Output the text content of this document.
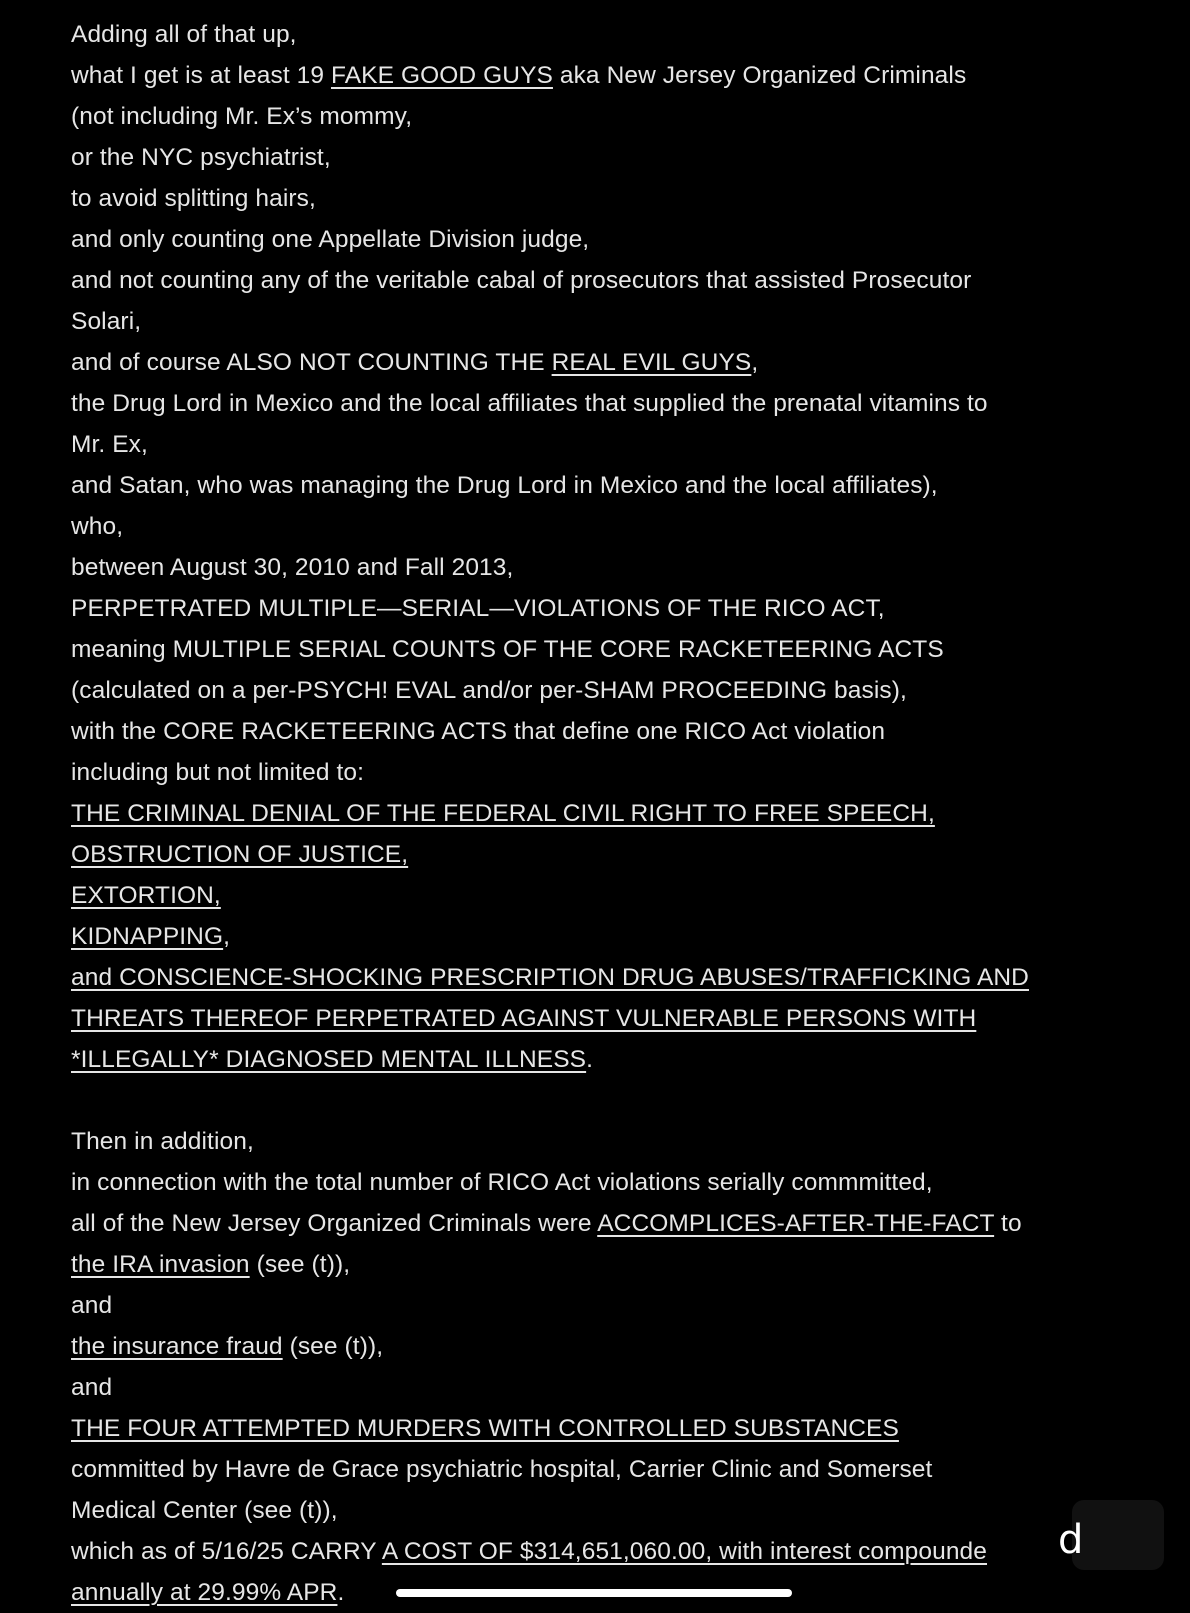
Adding all of that up,
what I get is at least 19 FAKE GOOD GUYS aka New Jersey Organized Criminals
(not including Mr. Ex’s mommy,
or the NYC psychiatrist,
to avoid splitting hairs,
and only counting one Appellate Division judge,
and not counting any of the veritable cabal of prosecutors that assisted Prosecutor
Solari,
and of course ALSO NOT COUNTING THE REAL EVIL GUYS,
the Drug Lord in Mexico and the local affiliates that supplied the prenatal vitamins to
Mr. Ex,
and Satan, who was managing the Drug Lord in Mexico and the local affiliates),
who,
between August 30, 2010 and Fall 2013,
PERPETRATED MULTIPLE—SERIAL—VIOLATIONS OF THE RICO ACT,
meaning MULTIPLE SERIAL COUNTS OF THE CORE RACKETEERING ACTS
(calculated on a per-PSYCH! EVAL and/or per-SHAM PROCEEDING basis),
with the CORE RACKETEERING ACTS that define one RICO Act violation
including but not limited to:
THE CRIMINAL DENIAL OF THE FEDERAL CIVIL RIGHT TO FREE SPEECH,
OBSTRUCTION OF JUSTICE,
EXTORTION,
KIDNAPPING,
and CONSCIENCE-SHOCKING PRESCRIPTION DRUG ABUSES/TRAFFICKING AND
THREATS THEREOF PERPETRATED AGAINST VULNERABLE PERSONS WITH
*ILLEGALLY* DIAGNOSED MENTAL ILLNESS.
Then in addition,
in connection with the total number of RICO Act violations serially commmitted,
all of the New Jersey Organized Criminals were ACCOMPLICES-AFTER-THE-FACT to
the IRA invasion (see (t)),
and
the insurance fraud (see (t)),
and
THE FOUR ATTEMPTED MURDERS WITH CONTROLLED SUBSTANCES
committed by Havre de Grace psychiatric hospital, Carrier Clinic and Somerset
Medical Center (see (t)),
which as of 5/16/25 CARRY A COST OF $314,651,060.00, with interest compounde
annually at 29.99% APR.
d
